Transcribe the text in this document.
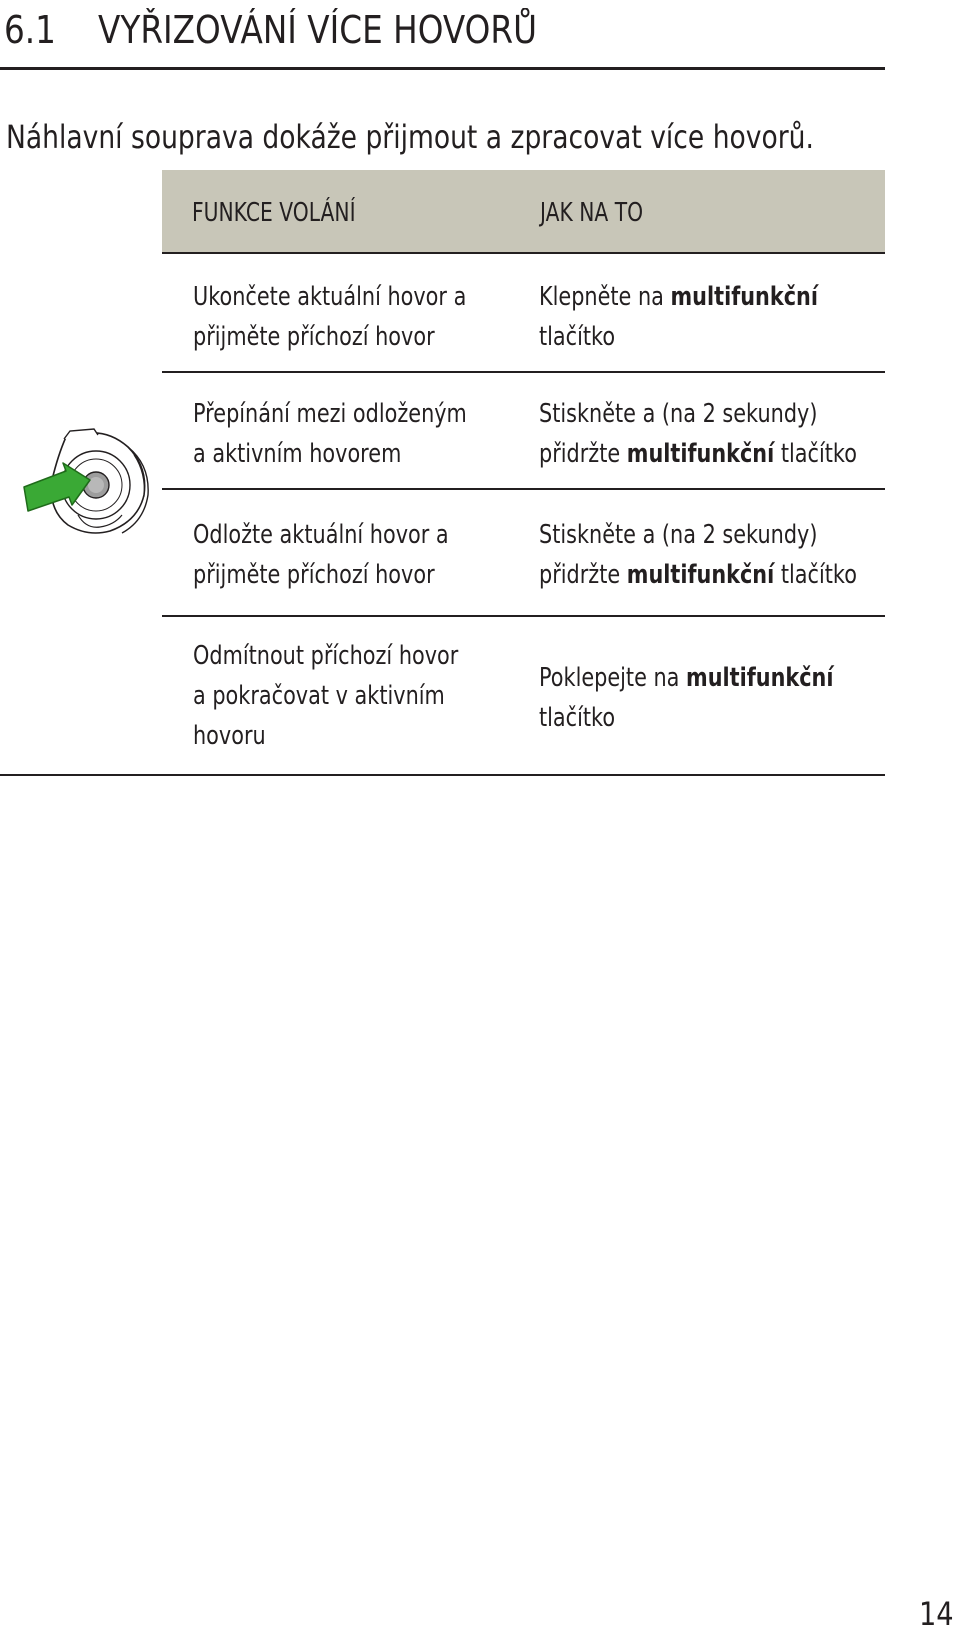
6.1 VYŘIZOVÁNÍ VÍCE HOVORŮ
Náhlavní souprava dokáže přijmout a zpracovat více hovorů.
FUNKCE VOLÁNÍ	JAK NA TO
Ukončete aktuální hovor a
přijměte příchozí hovor
Klepněte na multifunkční
tlačítko
Přepínání mezi odloženým
a aktivním hovorem
Stiskněte a (na 2 sekundy)
přidržte multifunkční tlačítko
Odložte aktuální hovor a
přijměte příchozí hovor
Stiskněte a (na 2 sekundy)
přidržte multifunkční tlačítko
Odmítnout příchozí hovor
a pokračovat v aktivním
hovoru
Poklepejte na multifunkční
tlačítko
14
